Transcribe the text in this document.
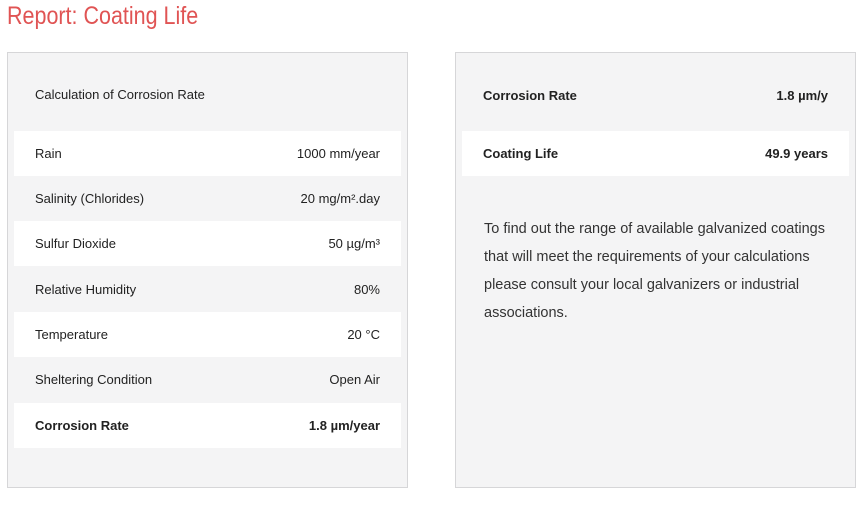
Report: Coating Life
Calculation of Corrosion Rate
Rain	1000 mm/year
Salinity (Chlorides)	20 mg/m².day
Sulfur Dioxide	50 µg/m³
Relative Humidity	80%
Temperature	20 °C
Sheltering Condition	Open Air
Corrosion Rate	1.8 µm/year
Corrosion Rate	1.8 µm/y
Coating Life	49.9 years

To find out the range of available galvanized coatings that will meet the requirements of your calculations please consult your local galvanizers or industrial associations.
